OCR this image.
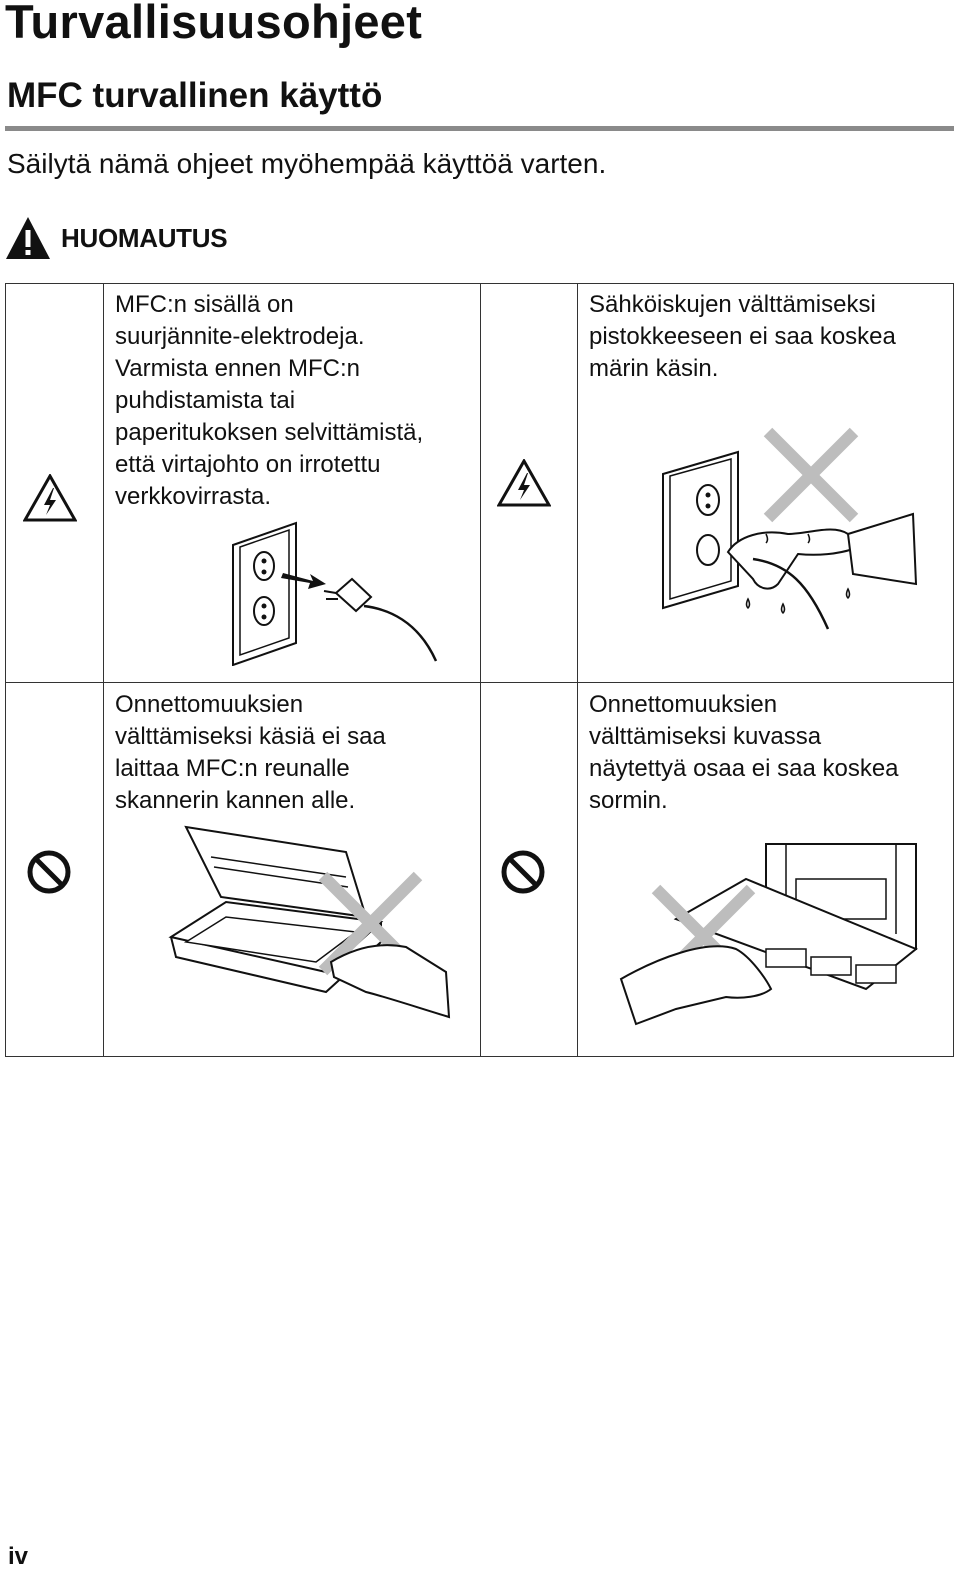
Turvallisuusohjeet
MFC turvallinen käyttö
Säilytä nämä ohjeet myöhempää käyttöä varten.
HUOMAUTUS
MFC:n sisällä on
suurjännite-elektrodeja.
Varmista ennen MFC:n
puhdistamista tai
paperitukoksen selvittämistä,
että virtajohto on irrotettu
verkkovirrasta.
Sähköiskujen välttämiseksi
pistokkeeseen ei saa koskea
märin käsin.
Onnettomuuksien
välttämiseksi käsiä ei saa
laittaa MFC:n reunalle
skannerin kannen alle.
Onnettomuuksien
välttämiseksi kuvassa
näytettyä osaa ei saa koskea
sormin.
iv
